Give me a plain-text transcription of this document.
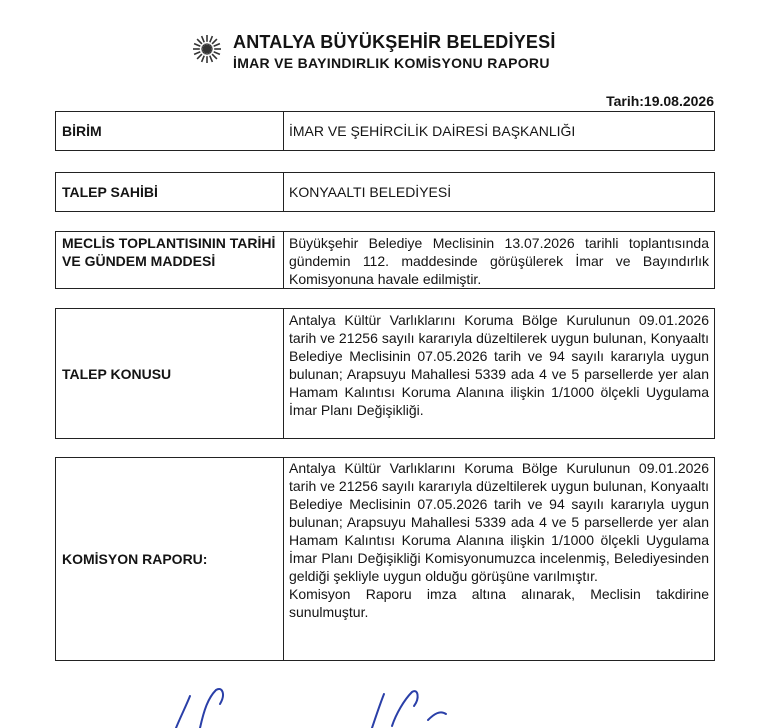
ANTALYA BÜYÜKŞEHİR BELEDİYESİ
İMAR VE BAYINDIRLIK KOMİSYONU RAPORU
Tarih:19.08.2026
BİRİM	İMAR VE ŞEHİRCİLİK DAİRESİ BAŞKANLIĞI
TALEP SAHİBİ	KONYAALTI BELEDİYESİ
MECLİS TOPLANTISININ TARİHİ VE GÜNDEM MADDESİ
Büyükşehir Belediye Meclisinin 13.07.2026 tarihli toplantısında gündemin 112. maddesinde görüşülerek İmar ve Bayındırlık Komisyonuna havale edilmiştir.
TALEP KONUSU
Antalya Kültür Varlıklarını Koruma Bölge Kurulunun 09.01.2026 tarih ve 21256 sayılı kararıyla düzeltilerek uygun bulunan, Konyaaltı Belediye Meclisinin 07.05.2026 tarih ve 94 sayılı kararıyla uygun bulunan; Arapsuyu Mahallesi 5339 ada 4 ve 5 parsellerde yer alan Hamam Kalıntısı Koruma Alanına ilişkin 1/1000 ölçekli Uygulama İmar Planı Değişikliği.
KOMİSYON RAPORU:

Antalya Kültür Varlıklarını Koruma Bölge Kurulunun 09.01.2026 tarih ve 21256 sayılı kararıyla düzeltilerek uygun bulunan, Konyaaltı Belediye Meclisinin 07.05.2026 tarih ve 94 sayılı kararıyla uygun bulunan; Arapsuyu Mahallesi 5339 ada 4 ve 5 parsellerde yer alan Hamam Kalıntısı Koruma Alanına ilişkin 1/1000 ölçekli Uygulama İmar Planı Değişikliği Komisyonumuzca incelenmiş, Belediyesinden geldiği şekliyle uygun olduğu görüşüne varılmıştır.

Komisyon Raporu imza altına alınarak, Meclisin takdirine sunulmuştur.
